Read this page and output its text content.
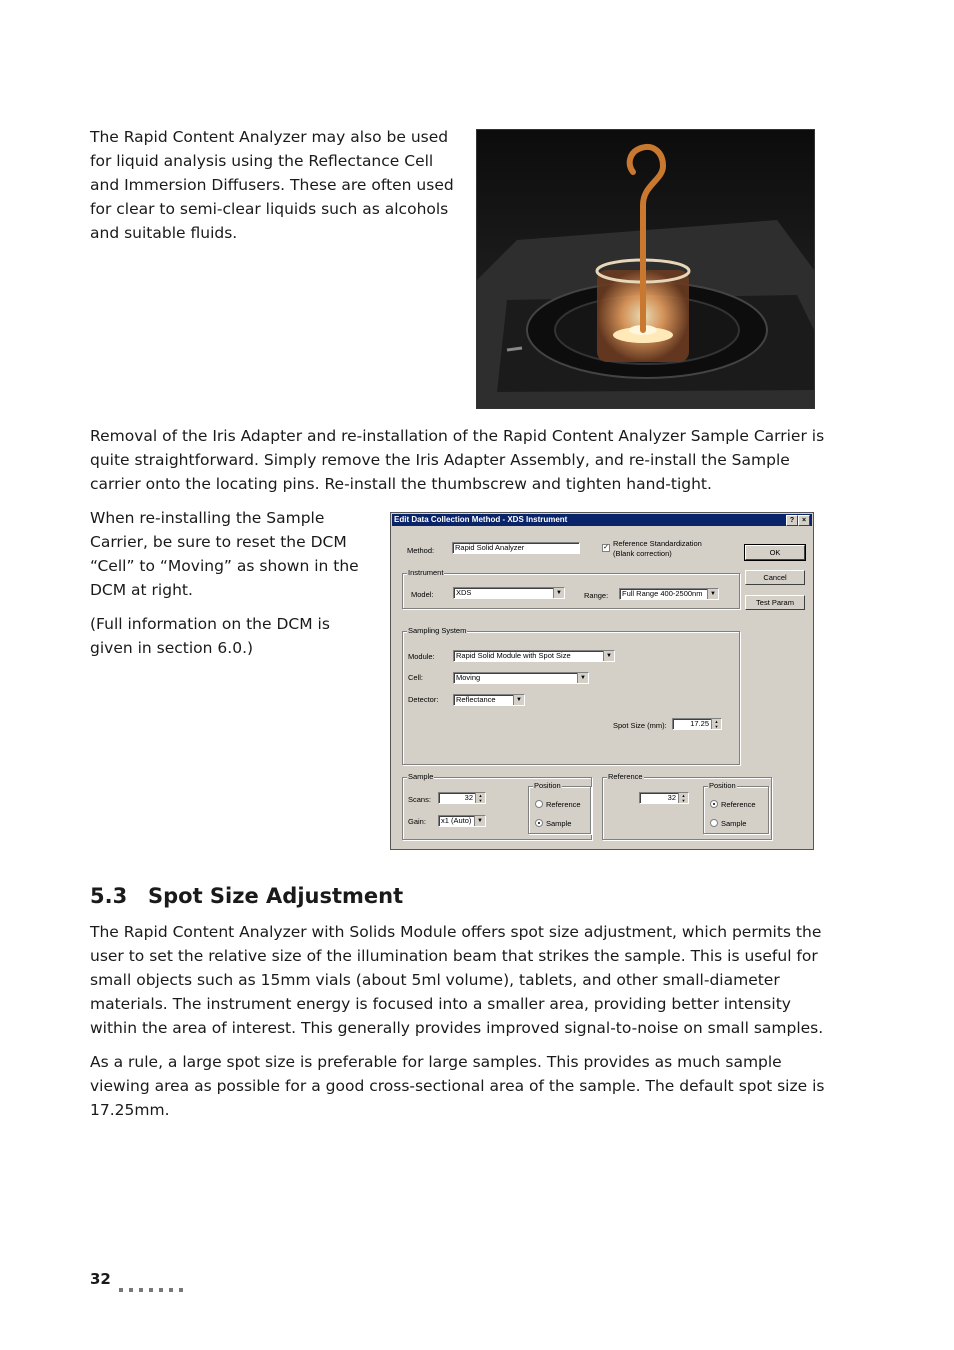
The Rapid Content Analyzer may also be used for liquid analysis using the Reflectance Cell and Immersion Diffusers. These are often used for clear to semi-clear liquids such as alcohols and suitable fluids.

Removal of the Iris Adapter and re-installation of the Rapid Content Analyzer Sample Carrier is quite straightforward. Simply remove the Iris Adapter Assembly, and re-install the Sample carrier onto the locating pins. Re-install the thumbscrew and tighten hand-tight.

When re-installing the Sample Carrier, be sure to reset the DCM “Cell” to “Moving” as shown in the DCM at right.

(Full information on the DCM is given in section 6.0.)

Edit Data Collection Method - XDS Instrument	?	×
Method:	Rapid Solid Analyzer	✓ Reference Standardization
(Blank correction)	OK
Cancel
Test Param
Instrument
Model:	XDS	▼	Range:	Full Range 400-2500nm	▼
Sampling System
Module:	Rapid Solid Module with Spot Size	▼
Cell:	Moving	▼
Detector:	Reflectance	▼
Spot Size (mm):	17.25	▲
▼
Sample
Scans:	32	▲
▼
Gain:	x1 (Auto) ▼
Position
Reference
Sample
Reference
32	▲
▼
Position
Reference
Sample
5.3 Spot Size Adjustment

The Rapid Content Analyzer with Solids Module offers spot size adjustment, which permits the user to set the relative size of the illumination beam that strikes the sample. This is useful for small objects such as 15mm vials (about 5ml volume), tablets, and other small-diameter materials. The instrument energy is focused into a smaller area, providing better intensity within the area of interest. This generally provides improved signal-to-noise on small samples.

As a rule, a large spot size is preferable for large samples. This provides as much sample viewing area as possible for a good cross-sectional area of the sample. The default spot size is 17.25mm.

32
